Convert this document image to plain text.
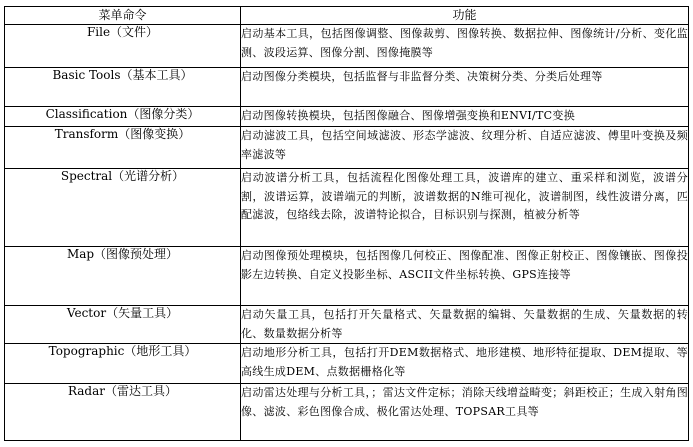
菜单命令	功能
File（文件）	启动基本工具，包括图像调整、图像裁剪、图像转换、数据拉伸、图像统计/分析、变化监测、波段运算、图像分割、图像掩膜等
Basic Tools（基本工具）	启动图像分类模块，包括监督与非监督分类、决策树分类、分类后处理等
Classification（图像分类）	启动图像转换模块，包括图像融合、图像增强变换和ENVI/TC变换
Transform（图像变换）	启动滤波工具，包括空间域滤波、形态学滤波、纹理分析、自适应滤波、傅里叶变换及频率滤波等
Spectral（光谱分析）	启动波谱分析工具，包括流程化图像处理工具，波谱库的建立、重采样和浏览，波谱分割，波谱运算，波谱端元的判断，波谱数据的N维可视化，波谱制图，线性波谱分离，匹配滤波，包络线去除，波谱特论拟合，目标识别与探测，植被分析等
Map（图像预处理）	启动图像预处理模块，包括图像几何校正、图像配准、图像正射校正、图像镶嵌、图像投影左边转换、自定义投影坐标、ASCII文件坐标转换、GPS连接等
Vector（矢量工具）	启动矢量工具，包括打开矢量格式、矢量数据的编辑、矢量数据的生成、矢量数据的转化、数量数据分析等
Topographic（地形工具）	启动地形分析工具，包括打开DEM数据格式、地形建模、地形特征提取、DEM提取、等高线生成DEM、点数据栅格化等
Radar（雷达工具）	启动雷达处理与分析工具，；雷达文件定标；消除天线增益畸变；斜距校正；生成入射角图像、滤波、彩色图像合成、极化雷达处理、TOPSAR工具等
